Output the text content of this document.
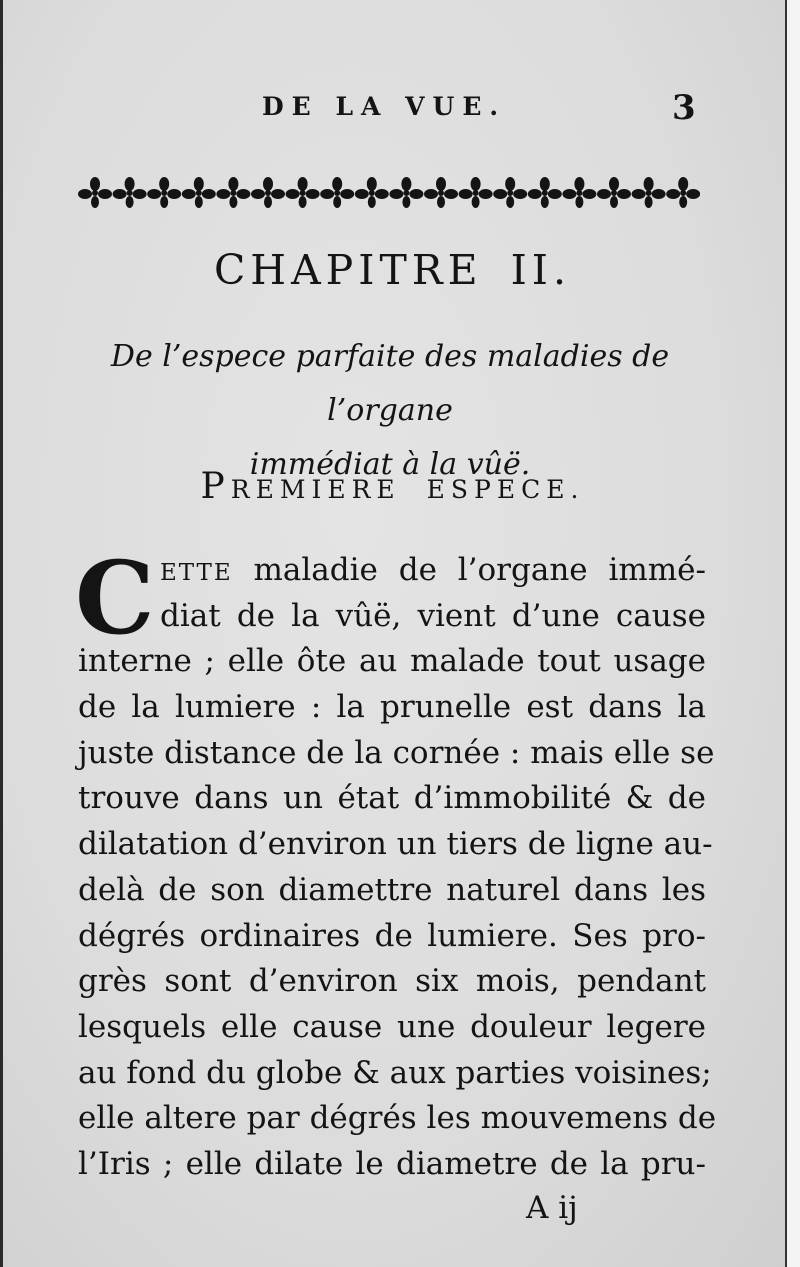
DE LA VUE.	3
CHAPITRE II.
De l’espece parfaite des maladies de l’organe
immédiat à la vûë.
PREMIERE ESPECE.
C ETTE maladie de l’organe immé-
diat de la vûë, vient d’une cause
interne ; elle ôte au malade tout usage
de la lumiere : la prunelle est dans la
juste distance de la cornée : mais elle se
trouve dans un état d’immobilité & de
dilatation d’environ un tiers de ligne au-
delà de son diamettre naturel dans les
dégrés ordinaires de lumiere. Ses pro-
grès sont d’environ six mois, pendant
lesquels elle cause une douleur legere
au fond du globe & aux parties voisines;
elle altere par dégrés les mouvemens de
l’Iris ; elle dilate le diametre de la pru-
A ij
